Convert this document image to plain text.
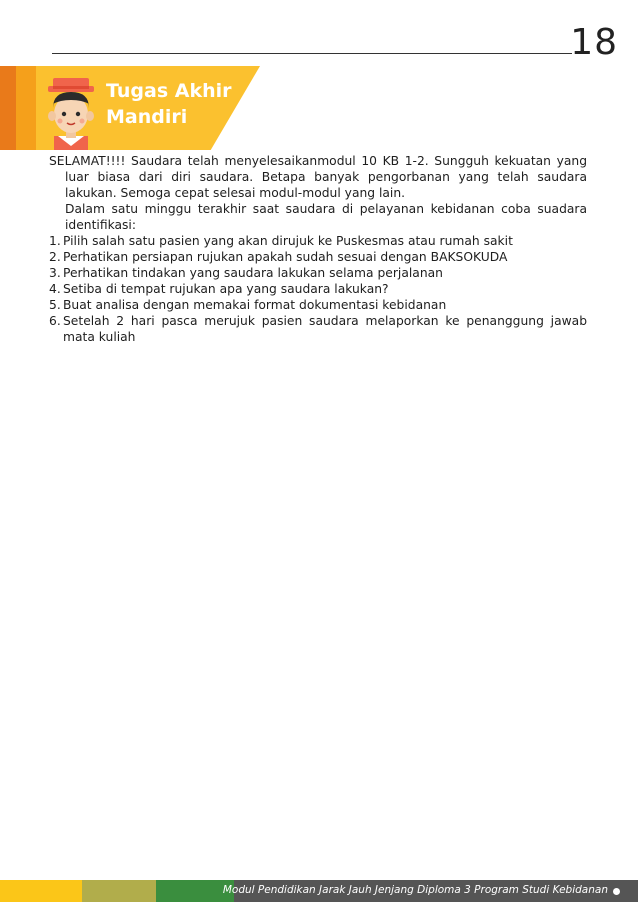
18
Tugas Akhir
Mandiri

SELAMAT!!!! Saudara telah menyelesaikanmodul 10 KB 1-2. Sungguh kekuatan yang luar biasa dari diri saudara. Betapa banyak pengorbanan yang telah saudara lakukan. Semoga cepat selesai modul-modul yang lain.

Dalam satu minggu terakhir saat saudara di pelayanan kebidanan coba suadara identifikasi:

1. Pilih salah satu pasien yang akan dirujuk ke Puskesmas atau rumah sakit
2. Perhatikan persiapan rujukan apakah sudah sesuai dengan BAKSOKUDA
3. Perhatikan tindakan yang saudara lakukan selama perjalanan
4. Setiba di tempat rujukan apa yang saudara lakukan?
5. Buat analisa dengan memakai format dokumentasi kebidanan
6. Setelah 2 hari pasca merujuk pasien saudara melaporkan ke penanggung jawab mata kuliah
Modul Pendidikan Jarak Jauh Jenjang Diploma 3 Program Studi Kebidanan
